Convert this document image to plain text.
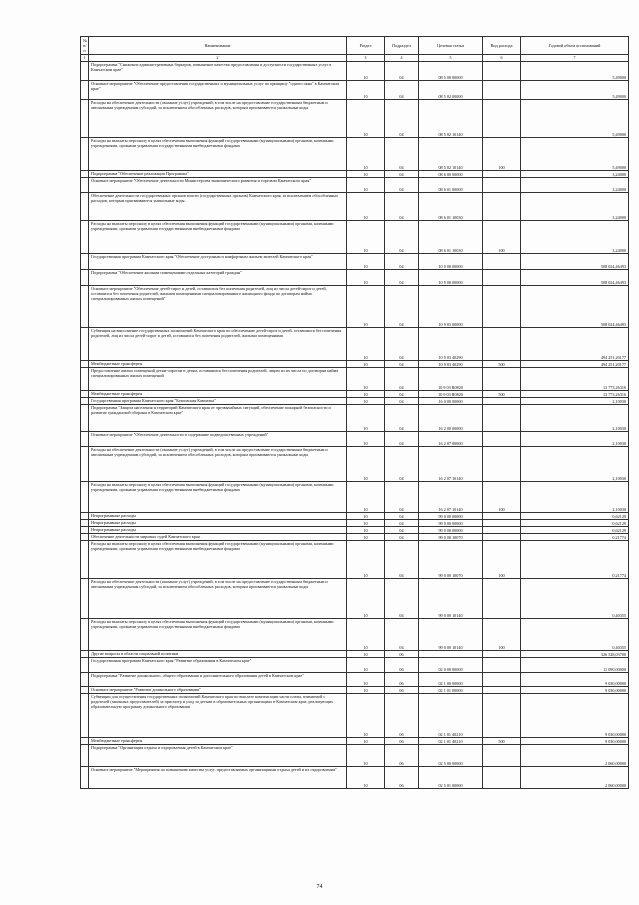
№ п/п	Наименование	Раздел	Подраздел	Целевая статья	Вид расхода	Годовой объем ассигнований
1	2	3	4	5	6	7
	Подпрограмма "Снижение административных барьеров, повышение качества предоставления и доступности государственных услуг в Камчатском крае"	10	04	08 5 00 00000		5,49000
	Основное мероприятие "Обеспечение предоставления государственных и муниципальных услуг по принципу "одного окна" в Камчатском крае"	10	04	08 5 02 00000		5,49000
	Расходы на обеспечение деятельности (оказание услуг) учреждений, в том числе на предоставление государственным бюджетным и автономным учреждениям субсидий, за исключением обособленных расходов, которым присваиваются уникальные коды	10	04	08 5 02 10140		5,49000
	Расходы на выплаты персоналу в целях обеспечения выполнения функций государственными (муниципальными) органами, казенными учреждениями, органами управления государственными внебюджетными фондами	10	04	08 5 02 10140	100	5,49000
	Подпрограмма "Обеспечение реализации Программы"	10	04	08 6 00 00000		3,24000
	Основное мероприятие "Обеспечение деятельности Министерства экономического развития и торговли Камчатского края"	10	04	08 6 01 00000		3,24000
	Обеспечение деятельности государственных органов власти (государственных органов) Камчатского края, за исключением обособленных расходов, которым присваиваются уникальные коды.	10	04	08 6 01 10030		3,24000
	Расходы на выплаты персоналу в целях обеспечения выполнения функций государственными (муниципальными) органами, казенными учреждениями, органами управления государственными внебюджетными фондами	10	04	08 6 01 10030	100	3,24000
	Государственная программа Камчатского края "Обеспечение доступным и комфортным жильем жителей Камчатского края"	10	04	10 0 00 00000		508 024,46493
	Подпрограмма "Обеспечение жилыми помещениями отдельных категорий граждан"	10	04	10 9 00 00000		508 024,46493
	Основное мероприятие "Обеспечение детей-сирот и детей, оставшихся без попечения родителей, лиц из числа детей-сирот и детей, оставшихся без попечения родителей, жилыми помещениями специализированного жилищного фонда по договорам найма специализированных жилых помещений"	10	04	10 9 03 00000		508 024,46493
	Субвенция на выполнение государственных полномочий Камчатского края по обеспечению детей-сирот и детей, оставшихся без попечения родителей, лиц из числа детей-сирот и детей, оставшихся без попечения родителей, жилыми помещениями	10	04	10 9 03 40290		494 251,20177
	Межбюджетные трансферты	10	04	10 9 03 40290	500	494 251,20177
	Предоставление жилых помещений детям-сиротам и детям, оставшимся без попечения родителей, лицам из их числа по договорам найма специализированных жилых помещений	10	04	10 9 03 R0820		13 773,26316
	Межбюджетные трансферты	10	04	10 9 03 R0820	500	13 773,26316
	Государственная программа Камчатского края "Безопасная Камчатка"	10	04	16 0 00 00000		2,10030
	Подпрограмма "Защита населения и территорий Камчатского края от чрезвычайных ситуаций, обеспечение пожарной безопасности и развитие гражданской обороны в Камчатском крае"	10	04	16 2 00 00000		2,10030
	Основное мероприятие "Обеспечение деятельности и содержание подведомственных учреждений"	10	04	16 2 07 00000		2,10030
	Расходы на обеспечение деятельности (оказание услуг) учреждений, в том числе на предоставление государственным бюджетным и автономным учреждениям субсидий, за исключением обособленных расходов, которым присваиваются уникальные коды	10	04	16 2 07 10140		2,10030
	Расходы на выплаты персоналу в целях обеспечения выполнения функций государственными (муниципальными) органами, казенными учреждениями, органами управления государственными внебюджетными фондами	10	04	16 2 07 10140	100	2,10030
	Непрограммные расходы	10	04	99 0 00 00000		0,62129
	Непрограммные расходы	10	04	99 0 00 00000		0,62129
	Непрограммные расходы	10	04	99 0 00 00000		0,62129
	Обеспечение деятельности мировых судей Камчатского края	10	04	99 0 00 10070		0,21774
	Расходы на выплаты персоналу в целях обеспечения выполнения функций государственными (муниципальными) органами, казенными учреждениями, органами управления государственными внебюджетными фондами	10	04	99 0 00 10070	100	0,21774
	Расходы на обеспечение деятельности (оказание услуг) учреждений, в том числе на предоставление государственным бюджетным и автономным учреждениям субсидий, за исключением обособленных расходов, которым присваиваются уникальные коды	10	04	99 0 00 10140		0,40355
	Расходы на выплаты персоналу в целях обеспечения выполнения функций государственными (муниципальными) органами, казенными учреждениями, органами управления государственными внебюджетными фондами	10	04	99 0 00 10140	100	0,40355
	Другие вопросы в области социальной политики	10	06			326 528,03700
	Государственная программа Камчатского края "Развитие образования в Камчатском крае"	10	06	02 0 00 00000		11 090,00000
	Подпрограмма "Развитие дошкольного, общего образования и дополнительного образования детей в Камчатском крае"	10	06	02 1 00 00000		9 030,00000
	Основное мероприятие "Развитие дошкольного образования"	10	06	02 1 01 00000		9 030,00000
	Субвенции для осуществления государственных полномочий Камчатского края по выплате компенсации части платы, взимаемой с родителей (законных представителей) за присмотр и уход за детьми в образовательных организациях в Камчатском крае, реализующих образовательную программу дошкольного образования	10	06	02 1 01 40210		9 030,00000
	Межбюджетные трансферты	10	06	02 1 01 40210	500	9 030,00000
	Подпрограмма "Организация отдыха и оздоровления детей в Камчатском крае"	10	06	02 5 00 00000		2 060,00000
	Основное мероприятие "Мероприятия по повышению качества услуг, предоставляемых организациями отдыха детей и их оздоровления"	10	06	02 5 01 00000		2 060,00000
74
